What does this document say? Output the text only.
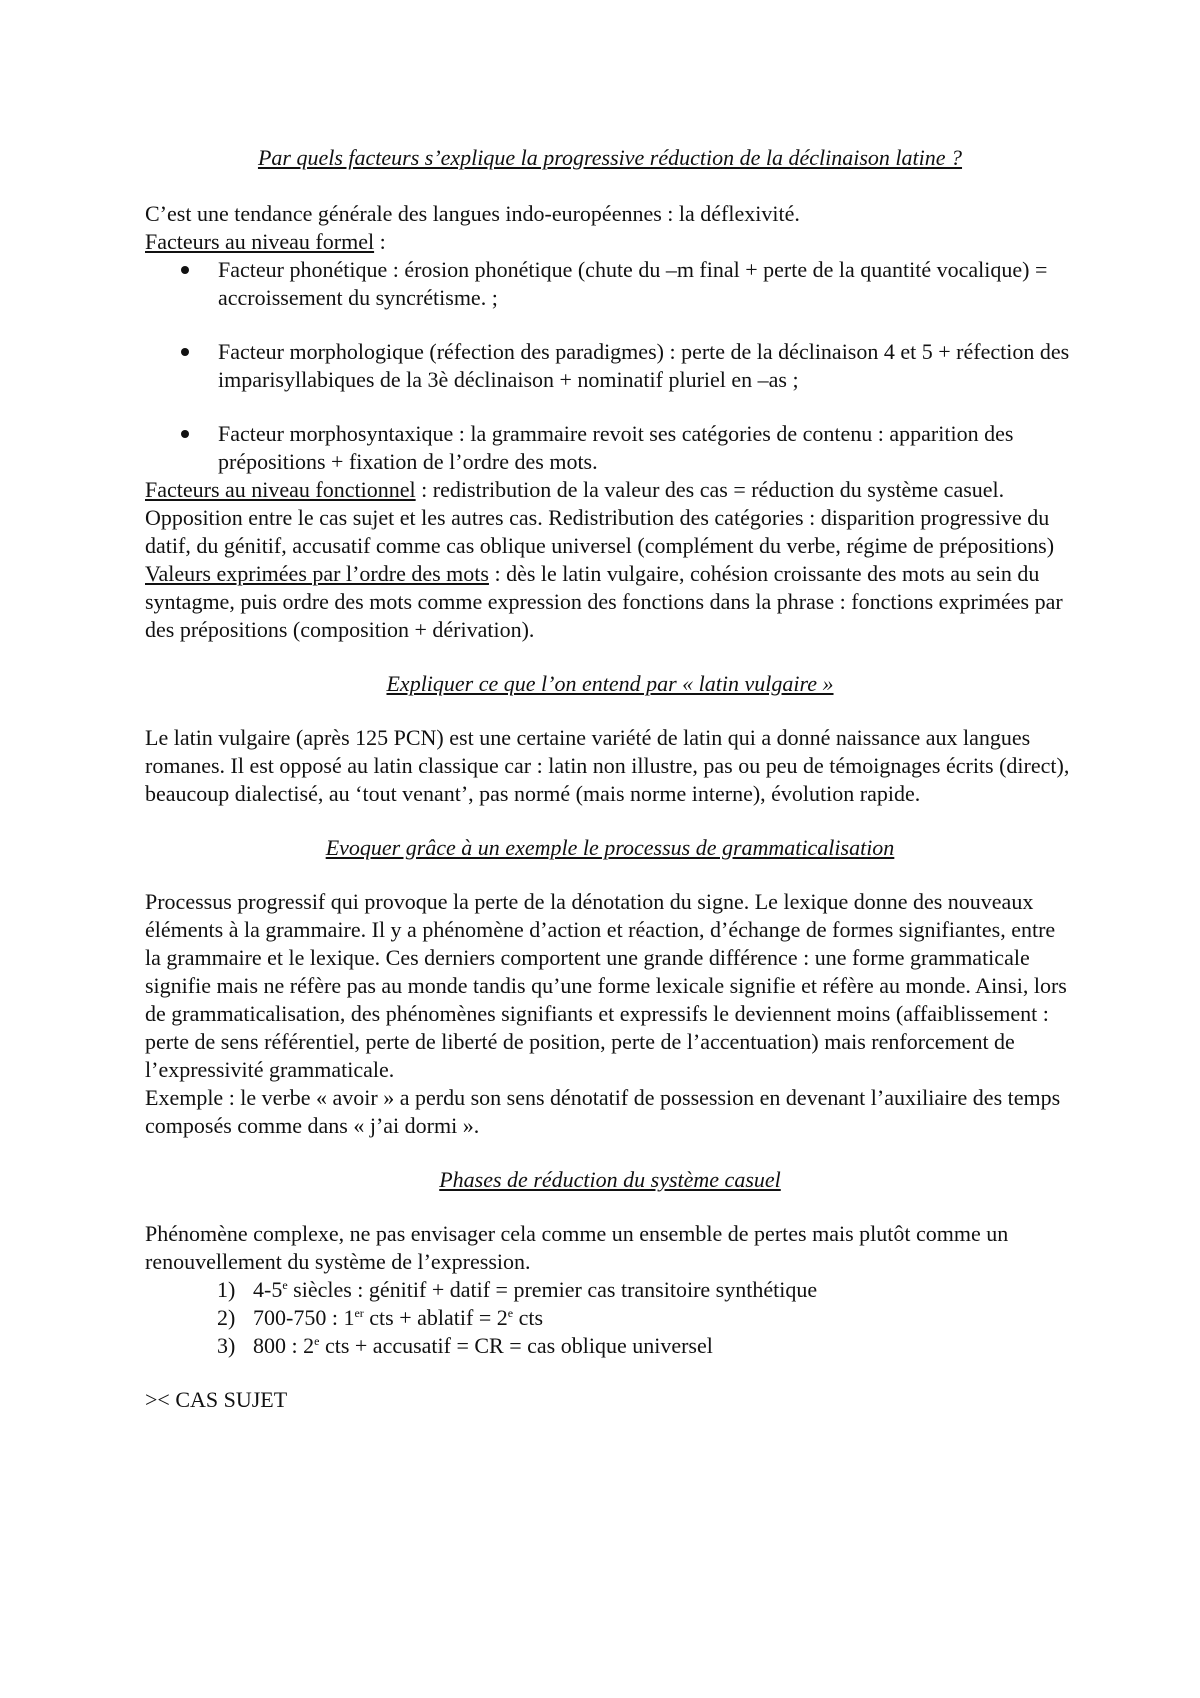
Par quels facteurs s’explique la progressive réduction de la déclinaison latine ?

C’est une tendance générale des langues indo-européennes : la déflexivité.

Facteurs au niveau formel :

Facteur phonétique : érosion phonétique (chute du –m final + perte de la quantité vocalique) = accroissement du syncrétisme. ;
Facteur morphologique (réfection des paradigmes) : perte de la déclinaison 4 et 5 + réfection des imparisyllabiques de la 3è déclinaison + nominatif pluriel en –as ;
Facteur morphosyntaxique : la grammaire revoit ses catégories de contenu : apparition des prépositions + fixation de l’ordre des mots.

Facteurs au niveau fonctionnel : redistribution de la valeur des cas = réduction du système casuel. Opposition entre le cas sujet et les autres cas. Redistribution des catégories : disparition progressive du datif, du génitif, accusatif comme cas oblique universel (complément du verbe, régime de prépositions)

Valeurs exprimées par l’ordre des mots : dès le latin vulgaire, cohésion croissante des mots au sein du syntagme, puis ordre des mots comme expression des fonctions dans la phrase : fonctions exprimées par des prépositions (composition + dérivation).

Expliquer ce que l’on entend par « latin vulgaire »

Le latin vulgaire (après 125 PCN) est une certaine variété de latin qui a donné naissance aux langues romanes. Il est opposé au latin classique car : latin non illustre, pas ou peu de témoignages écrits (direct), beaucoup dialectisé, au ‘tout venant’, pas normé (mais norme interne), évolution rapide.

Evoquer grâce à un exemple le processus de grammaticalisation

Processus progressif qui provoque la perte de la dénotation du signe. Le lexique donne des nouveaux éléments à la grammaire. Il y a phénomène d’action et réaction, d’échange de formes signifiantes, entre la grammaire et le lexique. Ces derniers comportent une grande différence : une forme grammaticale signifie mais ne réfère pas au monde tandis qu’une forme lexicale signifie et réfère au monde. Ainsi, lors de grammaticalisation, des phénomènes signifiants et expressifs le deviennent moins (affaiblissement : perte de sens référentiel, perte de liberté de position, perte de l’accentuation) mais renforcement de l’expressivité grammaticale.

Exemple : le verbe « avoir » a perdu son sens dénotatif de possession en devenant l’auxiliaire des temps composés comme dans « j’ai dormi ».

Phases de réduction du système casuel

Phénomène complexe, ne pas envisager cela comme un ensemble de pertes mais plutôt comme un renouvellement du système de l’expression.

1) 4-5e siècles : génitif + datif = premier cas transitoire synthétique
2) 700-750 : 1er cts + ablatif = $2^e$ cts
3) 800 : 2e cts + accusatif = CR = cas oblique universel

>< CAS SUJET
